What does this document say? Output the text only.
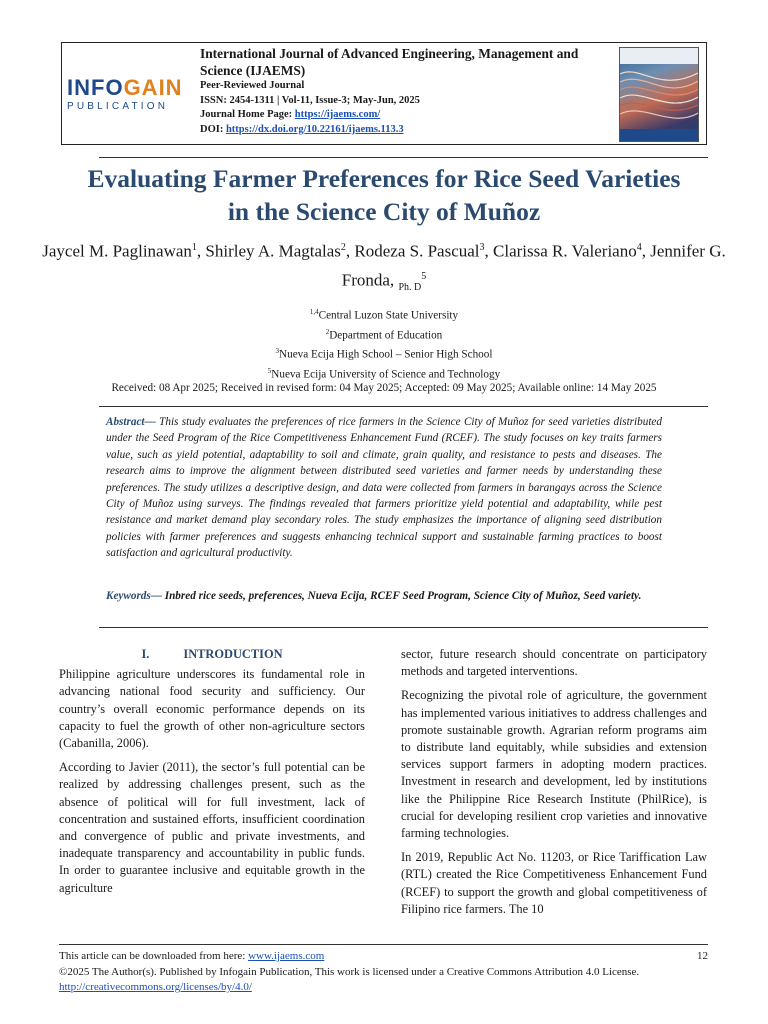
INFOGAIN
PUBLICATION
International Journal of Advanced Engineering, Management and Science (IJAEMS)
Peer-Reviewed Journal
ISSN: 2454-1311 | Vol-11, Issue-3; May-Jun, 2025
Journal Home Page: https://ijaems.com/
DOI: https://dx.doi.org/10.22161/ijaems.113.3
Evaluating Farmer Preferences for Rice Seed Varieties
in the Science City of Muñoz
Jaycel M. Paglinawan$^1$, Shirley A. Magtalas$^2$, Rodeza S. Pascual$^3$, Clarissa R. Valeriano$^4$, Jennifer G. Fronda, $_{Ph. D}^5$
$^{1,4}$Central Luzon State University
$^2$Department of Education
$^3$Nueva Ecija High School – Senior High School
$^5$Nueva Ecija University of Science and Technology
Received: 08 Apr 2025; Received in revised form: 04 May 2025; Accepted: 09 May 2025; Available online: 14 May 2025
Abstract— This study evaluates the preferences of rice farmers in the Science City of Muñoz for seed varieties distributed under the Seed Program of the Rice Competitiveness Enhancement Fund (RCEF). The study focuses on key traits farmers value, such as yield potential, adaptability to soil and climate, grain quality, and resistance to pests and diseases. The research aims to improve the alignment between distributed seed varieties and farmer needs by understanding these preferences. The study utilizes a descriptive design, and data were collected from farmers in barangays across the Science City of Muñoz using surveys. The findings revealed that farmers prioritize yield potential and adaptability, while pest resistance and market demand play secondary roles. The study emphasizes the importance of aligning seed distribution policies with farmer preferences and suggests enhancing technical support and sustainable farming practices to boost satisfaction and agricultural productivity.
Keywords— Inbred rice seeds, preferences, Nueva Ecija, RCEF Seed Program, Science City of Muñoz, Seed variety.
I.	INTRODUCTION

Philippine agriculture underscores its fundamental role in advancing national food security and sufficiency. Our country’s overall economic performance depends on its capacity to fuel the growth of other non-agriculture sectors (Cabanilla, 2006).

According to Javier (2011), the sector’s full potential can be realized by addressing challenges present, such as the absence of political will for full investment, lack of concentration and sustained efforts, insufficient coordination and convergence of public and private investments, and inadequate transparency and accountability in public funds. In order to guarantee inclusive and equitable growth in the agriculture

sector, future research should concentrate on participatory methods and targeted interventions.

Recognizing the pivotal role of agriculture, the government has implemented various initiatives to address challenges and promote sustainable growth. Agrarian reform programs aim to distribute land equitably, while subsidies and extension services support farmers in adopting modern practices. Investment in research and development, led by institutions like the Philippine Rice Research Institute (PhilRice), is crucial for developing resilient crop varieties and innovative farming technologies.

In 2019, Republic Act No. 11203, or Rice Tariffication Law (RTL) created the Rice Competitiveness Enhancement Fund (RCEF) to support the growth and global competitiveness of Filipino rice farmers. The 10

This article can be downloaded from here: www.ijaems.com	12
©2025 The Author(s). Published by Infogain Publication, This work is licensed under a Creative Commons Attribution 4.0 License. http://creativecommons.org/licenses/by/4.0/
